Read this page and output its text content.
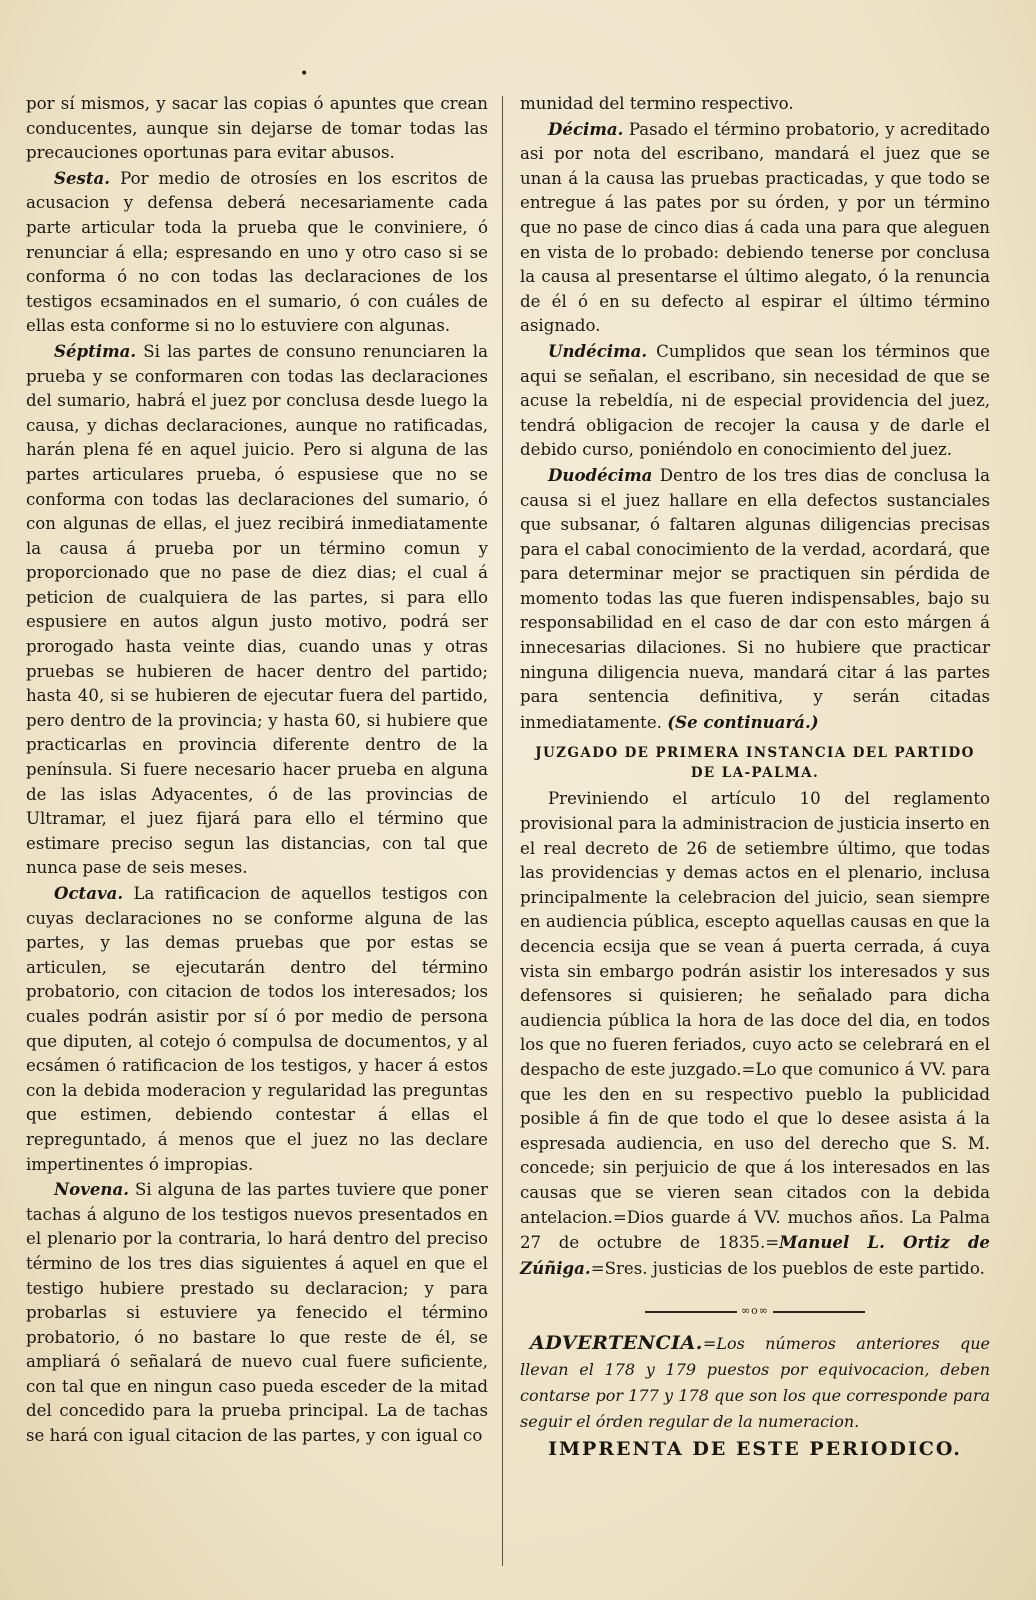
•

por sí mismos, y sacar las copias ó apuntes que crean conducentes, aunque sin dejarse de tomar todas las precauciones oportunas para evitar abusos.

Sesta. Por medio de otrosíes en los escritos de acusacion y defensa deberá necesariamente cada parte articular toda la prueba que le conviniere, ó renunciar á ella; espresando en uno y otro caso si se conforma ó no con todas las declaraciones de los testigos ecsaminados en el sumario, ó con cuáles de ellas esta conforme si no lo estuviere con algunas.

Séptima. Si las partes de consuno renunciaren la prueba y se conformaren con todas las declaraciones del sumario, habrá el juez por conclusa desde luego la causa, y dichas declaraciones, aunque no ratificadas, harán plena fé en aquel juicio. Pero si alguna de las partes articulares prueba, ó espusiese que no se conforma con todas las declaraciones del sumario, ó con algunas de ellas, el juez recibirá inmediatamente la causa á prueba por un término comun y proporcionado que no pase de diez dias; el cual á peticion de cualquiera de las partes, si para ello espusiere en autos algun justo motivo, podrá ser prorogado hasta veinte dias, cuando unas y otras pruebas se hubieren de hacer dentro del partido; hasta 40, si se hubieren de ejecutar fuera del partido, pero dentro de la provincia; y hasta 60, si hubiere que practicarlas en provincia diferente dentro de la península. Si fuere necesario hacer prueba en alguna de las islas Adyacentes, ó de las provincias de Ultramar, el juez fijará para ello el término que estimare preciso segun las distancias, con tal que nunca pase de seis meses.

Octava. La ratificacion de aquellos testigos con cuyas declaraciones no se conforme alguna de las partes, y las demas pruebas que por estas se articulen, se ejecutarán dentro del término probatorio, con citacion de todos los interesados; los cuales podrán asistir por sí ó por medio de persona que diputen, al cotejo ó compulsa de documentos, y al ecsámen ó ratificacion de los testigos, y hacer á estos con la debida moderacion y regularidad las preguntas que estimen, debiendo contestar á ellas el repreguntado, á menos que el juez no las declare impertinentes ó impropias.

Novena. Si alguna de las partes tuviere que poner tachas á alguno de los testigos nuevos presentados en el plenario por la contraria, lo hará dentro del preciso término de los tres dias siguientes á aquel en que el testigo hubiere prestado su declaracion; y para probarlas si estuviere ya fenecido el término probatorio, ó no bastare lo que reste de él, se ampliará ó señalará de nuevo cual fuere suficiente, con tal que en ningun caso pueda esceder de la mitad del concedido para la prueba principal. La de tachas se hará con igual citacion de las partes, y con igual co

munidad del termino respectivo.

Décima. Pasado el término probatorio, y acreditado asi por nota del escribano, mandará el juez que se unan á la causa las pruebas practicadas, y que todo se entregue á las pates por su órden, y por un término que no pase de cinco dias á cada una para que aleguen en vista de lo probado: debiendo tenerse por conclusa la causa al presentarse el último alegato, ó la renuncia de él ó en su defecto al espirar el último término asignado.

Undécima. Cumplidos que sean los términos que aqui se señalan, el escribano, sin necesidad de que se acuse la rebeldía, ni de especial providencia del juez, tendrá obligacion de recojer la causa y de darle el debido curso, poniéndolo en conocimiento del juez.

Duodécima Dentro de los tres dias de conclusa la causa si el juez hallare en ella defectos sustanciales que subsanar, ó faltaren algunas diligencias precisas para el cabal conocimiento de la verdad, acordará, que para determinar mejor se practiquen sin pérdida de momento todas las que fueren indispensables, bajo su responsabilidad en el caso de dar con esto márgen á innecesarias dilaciones. Si no hubiere que practicar ninguna diligencia nueva, mandará citar á las partes para sentencia definitiva, y serán citadas inmediatamente. (Se continuará.)

JUZGADO DE PRIMERA INSTANCIA DEL PARTIDO
DE LA-PALMA.

Previniendo el artículo 10 del reglamento provisional para la administracion de justicia inserto en el real decreto de 26 de setiembre último, que todas las providencias y demas actos en el plenario, inclusa principalmente la celebracion del juicio, sean siempre en audiencia pública, escepto aquellas causas en que la decencia ecsija que se vean á puerta cerrada, á cuya vista sin embargo podrán asistir los interesados y sus defensores si quisieren; he señalado para dicha audiencia pública la hora de las doce del dia, en todos los que no fueren feriados, cuyo acto se celebrará en el despacho de este juzgado.=Lo que comunico á VV. para que les den en su respectivo pueblo la publicidad posible á fin de que todo el que lo desee asista á la espresada audiencia, en uso del derecho que S. M. concede; sin perjuicio de que á los interesados en las causas que se vieren sean citados con la debida antelacion.=Dios guarde á VV. muchos años. La Palma 27 de octubre de 1835.=Manuel L. Ortiz de Zúñiga.=Sres. justicias de los pueblos de este partido.

∞o∞
ADVERTENCIA.=Los números anteriores que llevan el 178 y 179 puestos por equivocacion, deben contarse por 177 y 178 que son los que corresponde para seguir el órden regular de la numeracion.
IMPRENTA DE ESTE PERIODICO.
